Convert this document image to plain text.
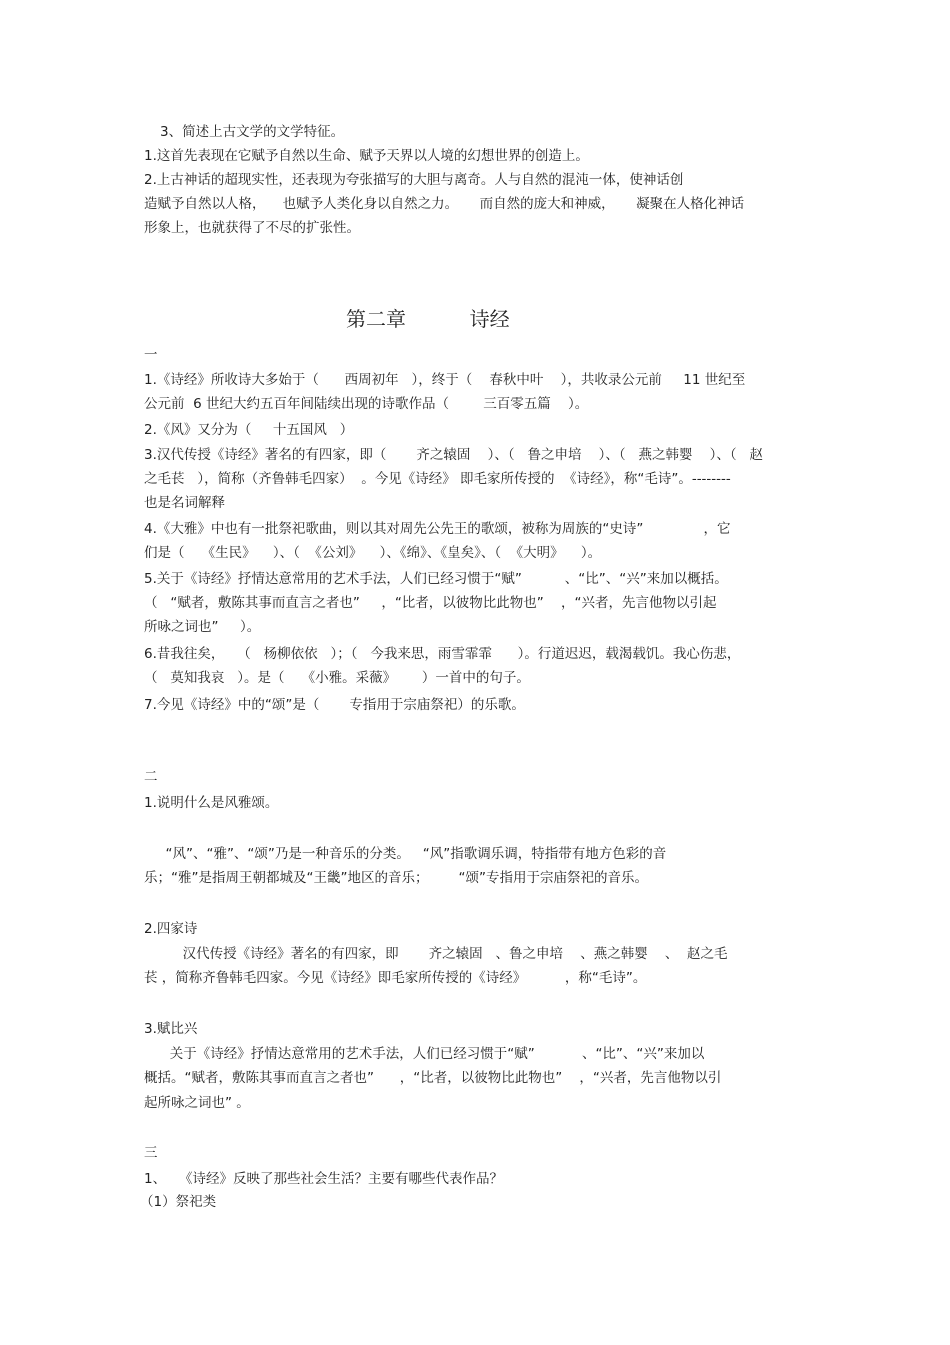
3、简述上古文学的文学特征。
1.这首先表现在它赋予自然以生命、赋予天界以人境的幻想世界的创造上。
2.上古神话的超现实性，还表现为夸张描写的大胆与离奇。人与自然的混沌一体，使神话创
造赋予自然以人格，    也赋予人类化身以自然之力。     而自然的庞大和神威，     凝聚在人格化神话
形象上，也就获得了不尽的扩张性。
第二章          诗经
一
1.《诗经》所收诗大多始于（      西周初年   ），终于（    春秋中叶    ），共收录公元前     11 世纪至
公元前  6 世纪大约五百年间陆续出现的诗歌作品（        三百零五篇    ）。
2.《风》又分为（     十五国风   ）
3.汉代传授《诗经》著名的有四家，即（       齐之辕固    ）、（   鲁之申培    ）、（   燕之韩婴    ）、（   赵
之毛苌   ），简称（齐鲁韩毛四家）  。今见《诗经》 即毛家所传授的  《诗经》，称“毛诗”。--------
也是名词解释
4.《大雅》中也有一批祭祀歌曲，则以其对周先公先王的歌颂，被称为周族的“史诗”              ，它
们是（    《生民》    ）、（  《公刘》    ）、《绵》、《皇矣》、（  《大明》    ）。
5.关于《诗经》抒情达意常用的艺术手法，人们已经习惯于“赋”          、“比”、“兴”来加以概括。
（   “赋者，敷陈其事而直言之者也”     ，“比者，以彼物比此物也”    ，“兴者，先言他物以引起
所咏之词也”     ）。
6.昔我往矣，   （   杨柳依依   ）；（   今我来思，雨雪霏霏      ）。行道迟迟，载渴载饥。我心伤悲，
（   莫知我哀   ）。是（    《小雅。采薇》      ）一首中的句子。
7.今见《诗经》中的“颂”是（       专指用于宗庙祭祀）的乐歌。
二
1.说明什么是风雅颂。
“风”、“雅”、“颂”乃是一种音乐的分类。   “风”指歌调乐调，特指带有地方色彩的音
乐；“雅”是指周王朝都城及“王畿”地区的音乐；       “颂”专指用于宗庙祭祀的音乐。
2.四家诗
汉代传授《诗经》著名的有四家，即       齐之辕固   、鲁之申培    、燕之韩婴    、  赵之毛
苌 ，简称齐鲁韩毛四家。今见《诗经》即毛家所传授的《诗经》         ，称“毛诗”。
3.赋比兴
关于《诗经》抒情达意常用的艺术手法，人们已经习惯于“赋”           、“比”、“兴”来加以
概括。“赋者，敷陈其事而直言之者也”      ，“比者，以彼物比此物也”    ，“兴者，先言他物以引
起所咏之词也” 。
三
1、   《诗经》反映了那些社会生活？主要有哪些代表作品？
（1）祭祀类
